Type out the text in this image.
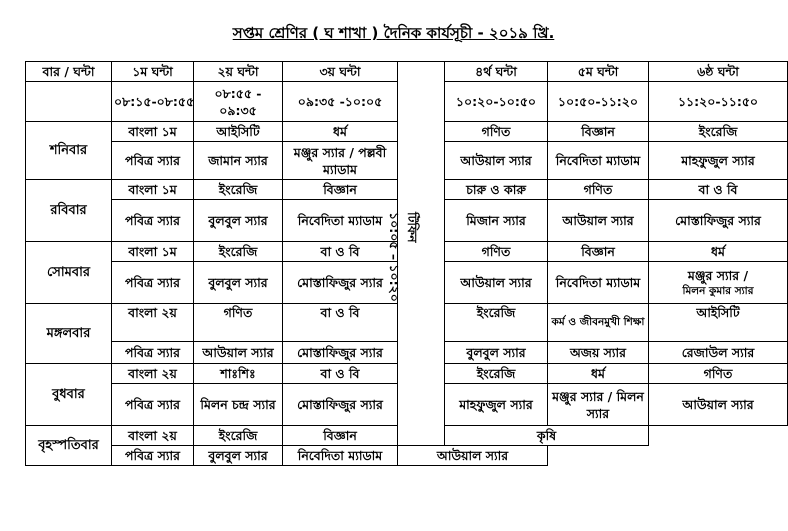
সপ্তম শ্রেণির ( ঘ শাখা ) দৈনিক কার্যসূচী - ২০১৯ খ্রি.
বার / ঘন্টা	১ম ঘন্টা	২য় ঘন্টা	৩য় ঘন্টা	১০:০৫ – ১০:২০ টিফিন	৪র্থ ঘন্টা	৫ম ঘন্টা	৬ষ্ঠ ঘন্টা
	০৮:১৫-০৮:৫৫	০৮:৫৫ - ০৯:৩৫	০৯:৩৫ -১০:০৫		১০:২০-১০:৫০	১০:৫০-১১:২০	১১:২০-১১:৫০
শনিবার	বাংলা ১ম	আইসিটি	ধর্ম		গণিত	বিজ্ঞান	ইংরেজি
	পবিত্র স্যার	জামান স্যার	মঞ্জুর স্যার / পল্লবী ম্যাডাম		আউয়াল স্যার	নিবেদিতা ম্যাডাম	মাহফুজুল স্যার
রবিবার	বাংলা ১ম	ইংরেজি	বিজ্ঞান		চারু ও কারু	গণিত	বা ও বি
	পবিত্র স্যার	বুলবুল স্যার	নিবেদিতা ম্যাডাম		মিজান স্যার	আউয়াল স্যার	মোস্তাফিজুর স্যার
সোমবার	বাংলা ১ম	ইংরেজি	বা ও বি		গণিত	বিজ্ঞান	ধর্ম
	পবিত্র স্যার	বুলবুল স্যার	মোস্তাফিজুর স্যার		আউয়াল স্যার	নিবেদিতা ম্যাডাম	মঞ্জুর স্যার /
মিলন কুমার স্যার

মঙ্গলবার	বাংলা ২য়	গণিত	বা ও বি		ইংরেজি	কর্ম ও জীবনমুখী শিক্ষা	আইসিটি
	পবিত্র স্যার	আউয়াল স্যার	মোস্তাফিজুর স্যার		বুলবুল স্যার	অজয় স্যার	রেজাউল স্যার
বুধবার	বাংলা ২য়	শাঃশিঃ	বা ও বি		ইংরেজি	ধর্ম	গণিত
	পবিত্র স্যার	মিলন চন্দ্র স্যার	মোস্তাফিজুর স্যার		মাহফুজুল স্যার	মঞ্জুর স্যার / মিলন স্যার	আউয়াল স্যার
বৃহস্পতিবার	বাংলা ২য়	ইংরেজি	বিজ্ঞান		কৃষি		
	পবিত্র স্যার	বুলবুল স্যার	নিবেদিতা ম্যাডাম	আউয়াল স্যার			
